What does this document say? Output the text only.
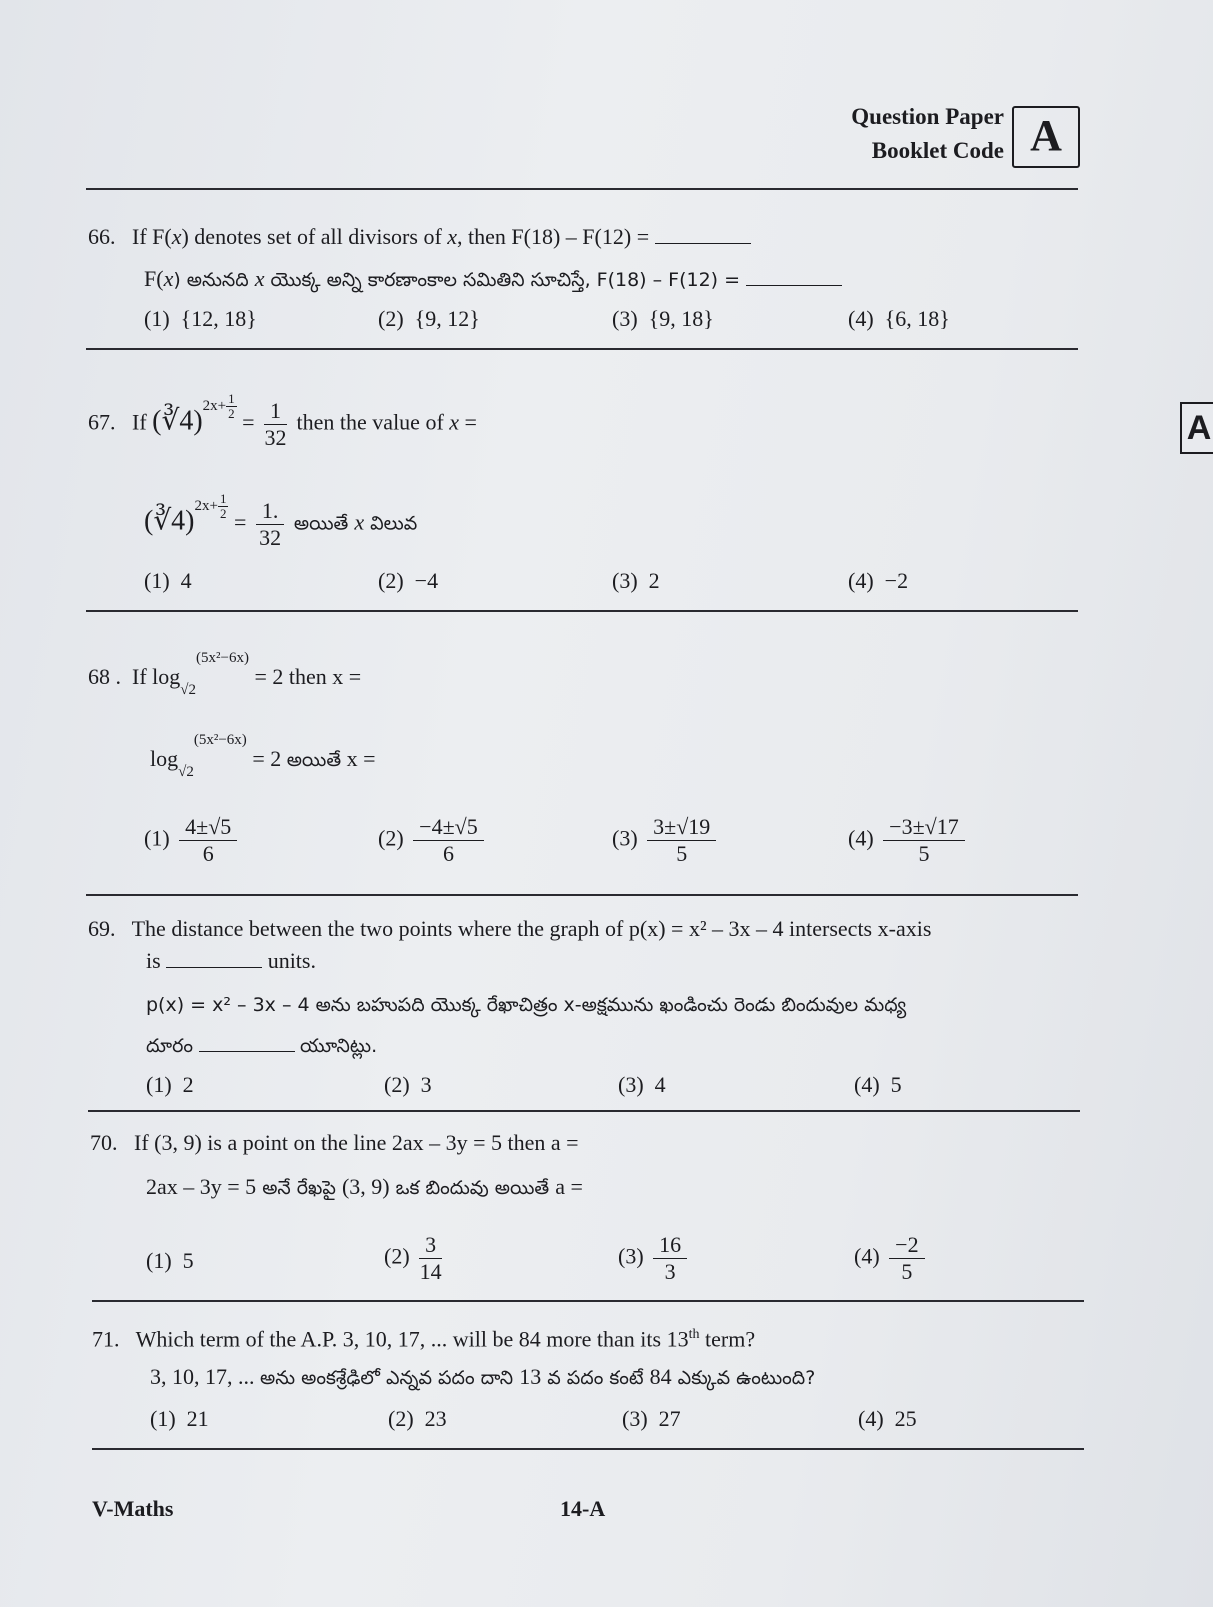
Question Paper
Booklet Code A
A
66. If F(x) denotes set of all divisors of x, then F(18) – F(12) =
F(x) అనునది x యొక్క అన్ని కారణాంకాల సమితిని సూచిస్తే, F(18) – F(12) =
(1) {12, 18}	(2) {9, 12}	(3) {9, 18}	(4) {6, 18}
67. If (∛4)$^{2x+ \frac{1}{2}}$
= $\frac{1}{32}$ then the value of x =
(∛4)$^{2x+ \frac{1}{2}}$
= $\frac{1.}{32}$ అయితే x విలువ
(1) 4	(2) −4	(3) 2	(4) −2
68 . If $\log_{√2}^{(5x^2-6x)} = 2$ then x =
$\log_{√2}^{(5x^2-6x)} = 2$ అయితే x =
$(1) \frac{4\pm√5}{6}$	$(2) \frac{-4\pm√5}{6}$	$(3) \frac{3\pm√19}{5}$	$(4) \frac{-3\pm√17}{5}$
69. The distance between the two points where the graph of p(x) = x² – 3x – 4 intersects x-axis
is	units.
p(x) = x² – 3x – 4 అను బహుపది యొక్క రేఖాచిత్రం x-అక్షమును ఖండించు రెండు బిందువుల మధ్య
దూరం	యూనిట్లు.
(1) 2	(2) 3	(3) 4	(4) 5
70. If (3, 9) is a point on the line 2ax – 3y = 5 then a =
2ax – 3y = 5 అనే రేఖపై (3, 9) ఒక బిందువు అయితే a =
(1) 5	$(2) \frac{3}{14}$	$(3) \frac{16}{3}$	$(4) \frac{-2}{5}$
71. Which term of the A.P. 3, 10, 17, ... will be 84 more than its 13th term?
3, 10, 17, ... అను అంకశ్రేఢిలో ఎన్నవ పదం దాని 13 వ పదం కంటే 84 ఎక్కువ ఉంటుంది?
(1) 21	(2) 23	(3) 27	(4) 25
V-Maths	14-A
